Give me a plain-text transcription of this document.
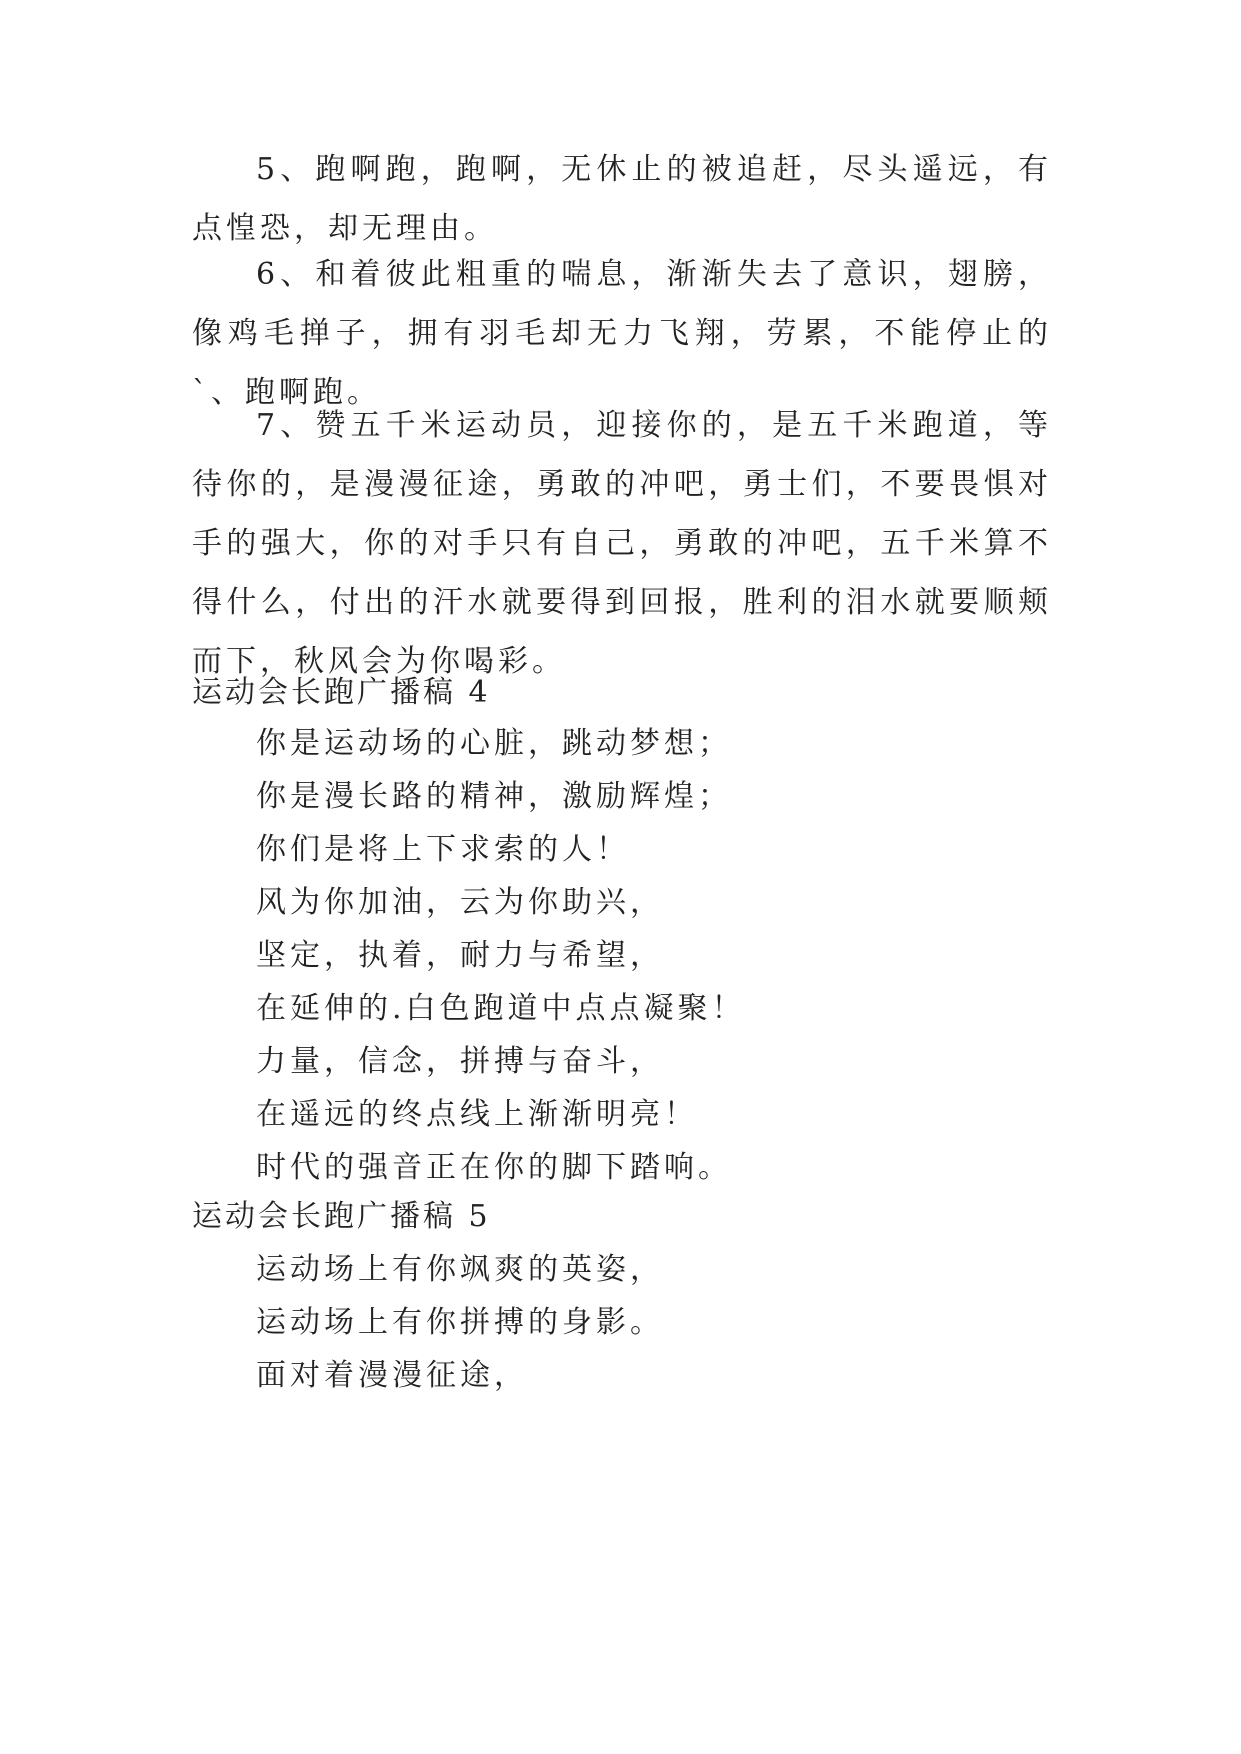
5、跑啊跑，跑啊，无休止的被追赶，尽头遥远，有点惶恐，却无理由。

6、和着彼此粗重的喘息，渐渐失去了意识，翅膀，像鸡毛掸子，拥有羽毛却无力飞翔，劳累，不能停止的`、跑啊跑。

7、赞五千米运动员，迎接你的，是五千米跑道，等待你的，是漫漫征途，勇敢的冲吧，勇士们，不要畏惧对手的强大，你的对手只有自己，勇敢的冲吧，五千米算不得什么，付出的汗水就要得到回报，胜利的泪水就要顺颊而下，秋风会为你喝彩。

运动会长跑广播稿 4

你是运动场的心脏，跳动梦想；

你是漫长路的精神，激励辉煌；

你们是将上下求索的人！

风为你加油，云为你助兴，

坚定，执着，耐力与希望，

在延伸的.白色跑道中点点凝聚！

力量，信念，拼搏与奋斗，

在遥远的终点线上渐渐明亮！

时代的强音正在你的脚下踏响。

运动会长跑广播稿 5

运动场上有你飒爽的英姿，

运动场上有你拼搏的身影。

面对着漫漫征途，
